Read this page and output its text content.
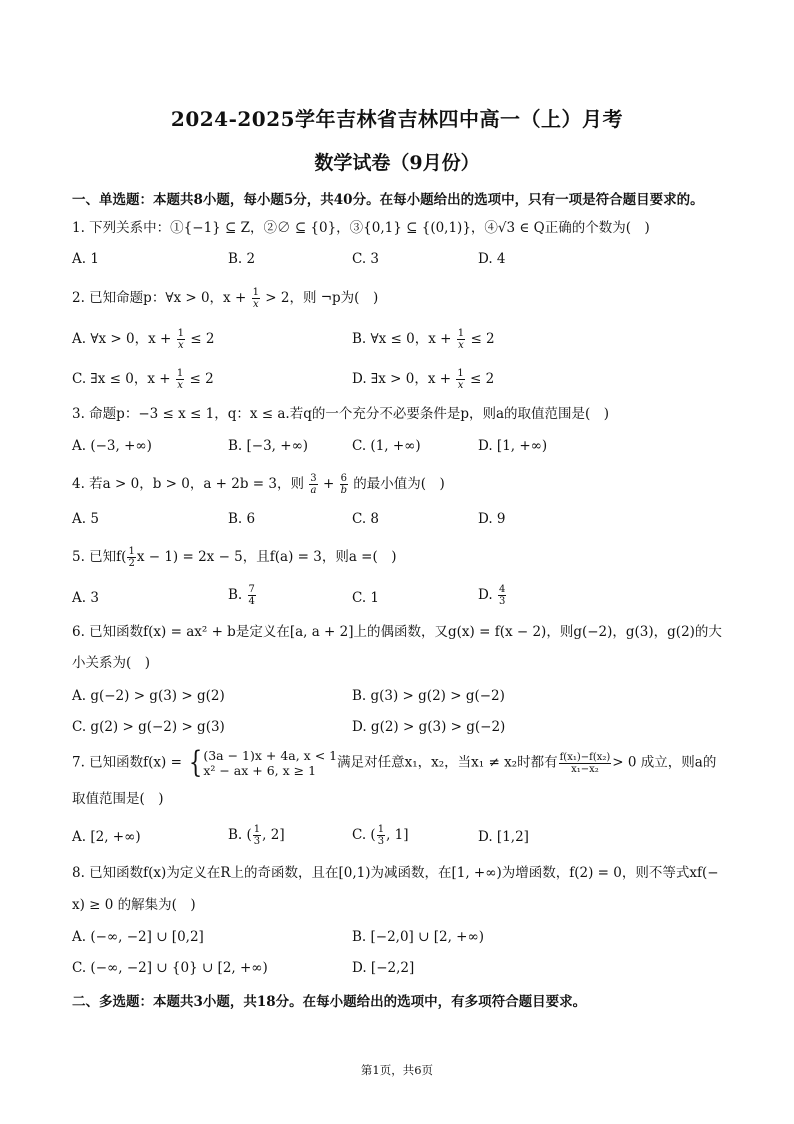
2024-2025学年吉林省吉林四中高一（上）月考
数学试卷（9月份）
一、单选题：本题共8小题，每小题5分，共40分。在每小题给出的选项中，只有一项是符合题目要求的。
1. 下列关系中：①{−1} ⊆ Z，②∅ ⊆ {0}，③{0,1} ⊆ {(0,1)}，④√3 ∈ Q正确的个数为(　)
A. 1	B. 2	C. 3	D. 4
2. 已知命题p：∀x > 0，$x + \frac{1}{x} > 2$，则 ¬p为(　)
A. ∀x > 0，$x + \frac{1}{x} \le 2$	B. ∀x ≤ 0，$x + \frac{1}{x} \le 2$
C. ∃x ≤ 0，$x + \frac{1}{x} \le 2$	D. ∃x > 0，$x + \frac{1}{x} \le 2$
3. 命题p：−3 ≤ x ≤ 1，q：x ≤ a.若q的一个充分不必要条件是p，则a的取值范围是(　)
A. (−3, +∞)	B. [−3, +∞)	C. (1, +∞)	D. [1, +∞)
4. 若a > 0，b > 0，a + 2b = 3，则 $\frac{3}{a} + \frac{6}{b}$ 的最小值为(　)
A. 5	B. 6	C. 8	D. 9
5. 已知$f( \frac{1}{2}$ x − 1) = 2x − 5，且f(a) = 3，则a =(　)
A. 3	B. $\frac{7}{4}$	C. 1	D. $\frac{4}{3}$
6. 已知函数f(x) = ax² + b是定义在[a, a + 2]上的偶函数，又g(x) = f(x − 2)，则g(−2)，g(3)，g(2)的大
小关系为(　)
A. g(−2) > g(3) > g(2)	B. g(3) > g(2) > g(−2)
C. g(2) > g(−2) > g(3)	D. g(2) > g(3) > g(−2)
7. 已知函数f(x) = { (3a − 1)x + 4a, x < 1
x² − ax + 6, x ≥ 1	满足对任意x₁，x₂，当x₁ ≠ x₂时都有 $\frac{\text{f(x₁)−f(x₂)}}{\text{x₁−x₂}} > 0$ 成立，则a的
取值范围是(　)
A. [2, +∞)	B. ( $\frac{1}{3}$ , 2]	C. ( $\frac{1}{3}$ , 1]	D. [1,2]
8. 已知函数f(x)为定义在R上的奇函数，且在[0,1)为减函数，在[1, +∞)为增函数，f(2) = 0，则不等式xf(−
x) ≥ 0 的解集为(　)
A. (−∞, −2] ∪ [0,2]	B. [−2,0] ∪ [2, +∞)
C. (−∞, −2] ∪ {0} ∪ [2, +∞)	D. [−2,2]
二、多选题：本题共3小题，共18分。在每小题给出的选项中，有多项符合题目要求。
第1页，共6页
